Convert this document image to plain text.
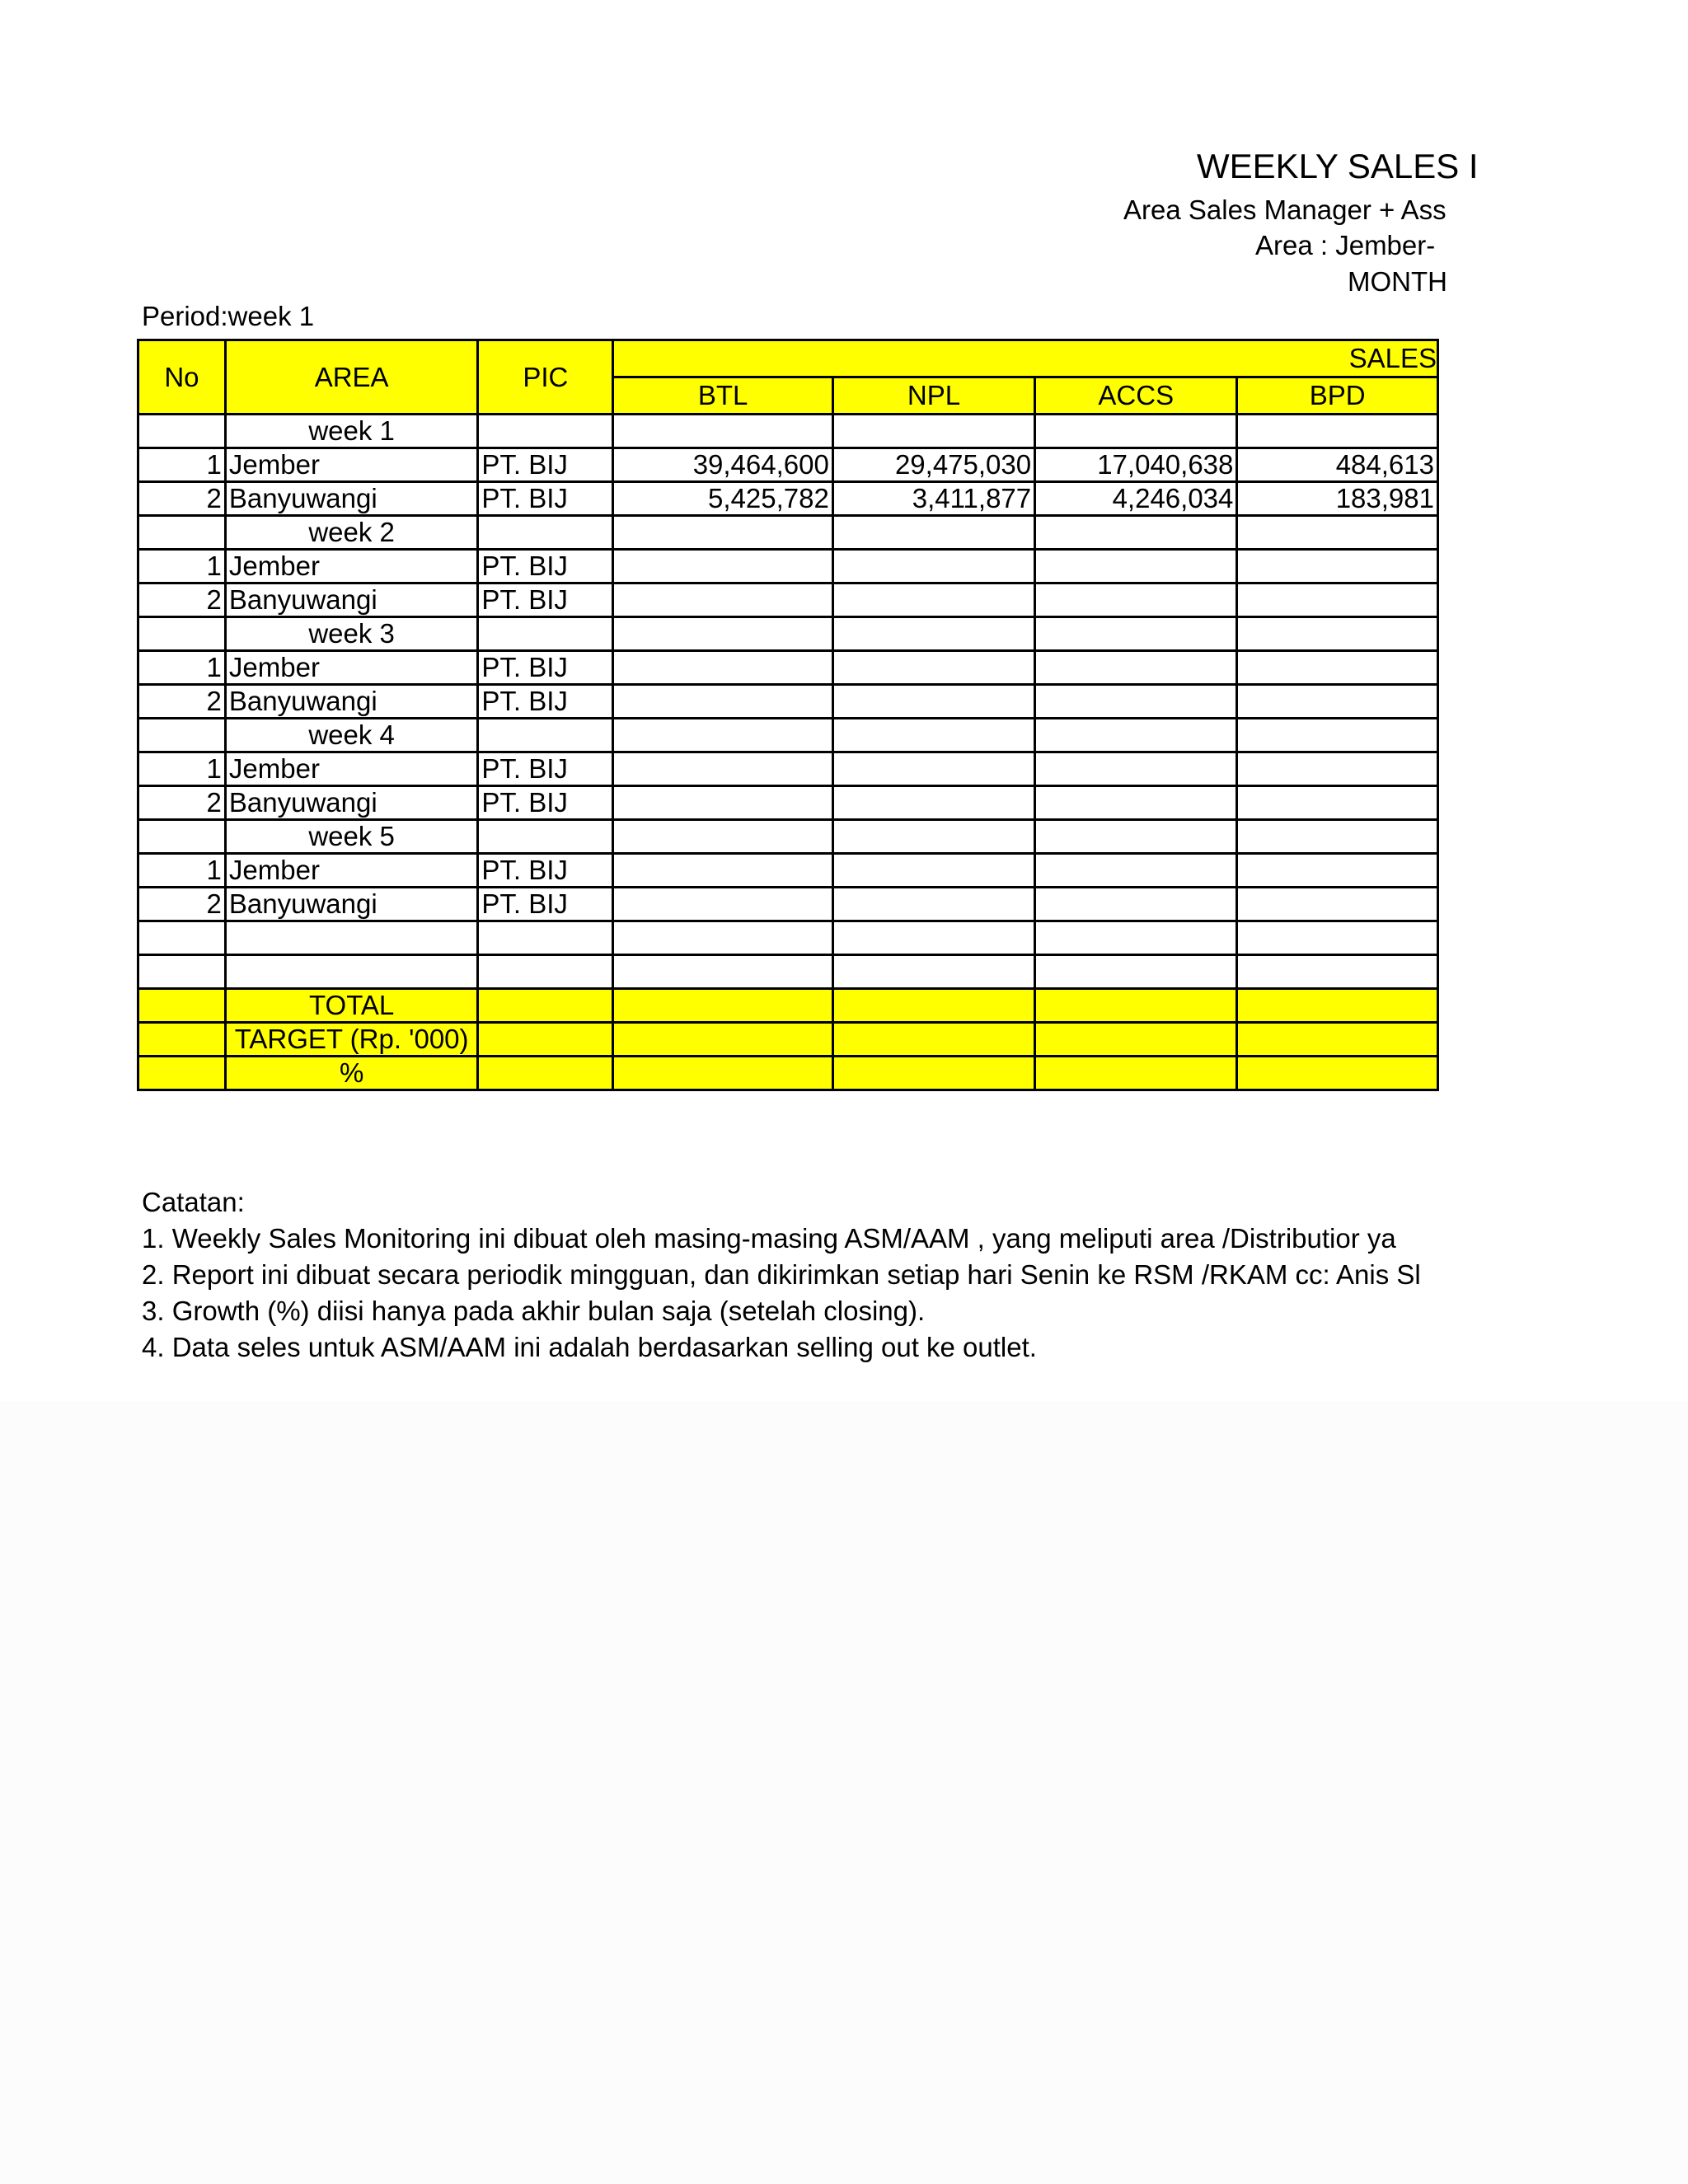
WEEKLY SALES I
Area Sales Manager + Ass
Area : Jember-
MONTH
Period:week 1
No	AREA	PIC	SALES			
			BTL	NPL	ACCS	BPD
	week 1					
1	Jember	PT. BIJ	39,464,600	29,475,030	17,040,638	484,613
2	Banyuwangi	PT. BIJ	5,425,782	3,411,877	4,246,034	183,981
	week 2					
1	Jember	PT. BIJ				
2	Banyuwangi	PT. BIJ				
	week 3					
1	Jember	PT. BIJ				
2	Banyuwangi	PT. BIJ				
	week 4					
1	Jember	PT. BIJ				
2	Banyuwangi	PT. BIJ				
	week 5					
1	Jember	PT. BIJ				
2	Banyuwangi	PT. BIJ				

	TOTAL					
	TARGET (Rp. '000)					
	%					
Catatan:
1. Weekly Sales Monitoring ini dibuat oleh masing-masing ASM/AAM , yang meliputi area /Distributior ya
2. Report ini dibuat secara periodik mingguan, dan dikirimkan setiap hari Senin ke RSM /RKAM cc: Anis Sl
3. Growth (%) diisi hanya pada akhir bulan saja (setelah closing).
4. Data seles untuk ASM/AAM ini adalah berdasarkan selling out ke outlet.
